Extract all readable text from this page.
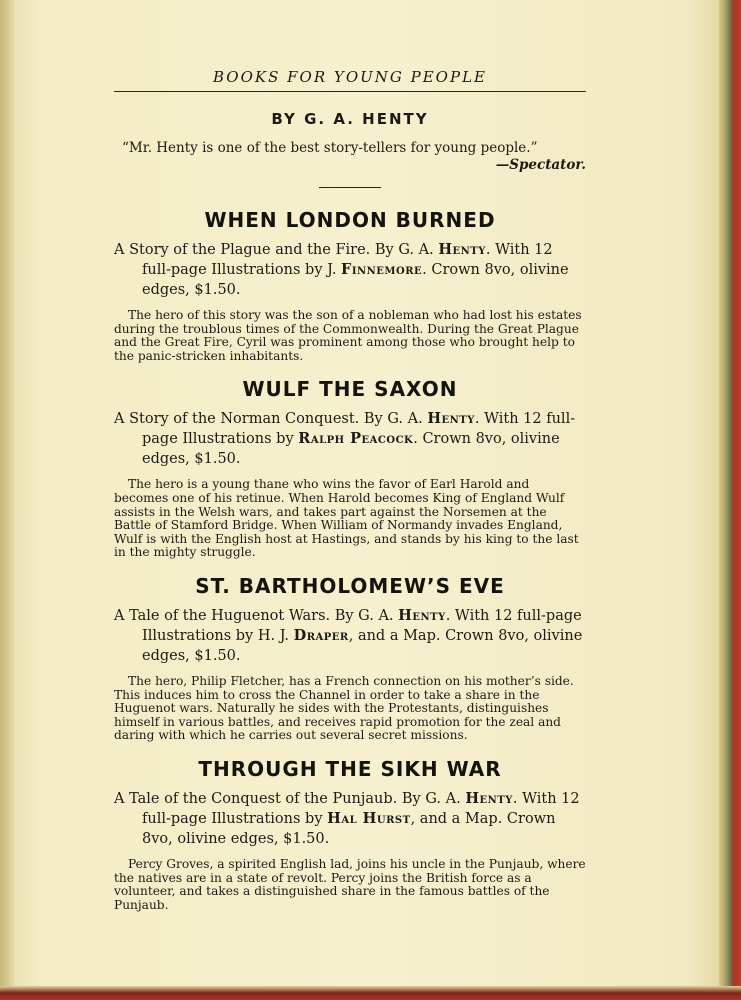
BOOKS FOR YOUNG PEOPLE
BY G. A. HENTY
“Mr. Henty is one of the best story-tellers for young people.”
—Spectator.
WHEN LONDON BURNED

A Story of the Plague and the Fire. By G. A. Henty. With 12 full-page Illustrations by J. Finnemore. Crown 8vo, olivine edges, $1.50.

The hero of this story was the son of a nobleman who had lost his estates during the troublous times of the Commonwealth. During the Great Plague and the Great Fire, Cyril was prominent among those who brought help to the panic-stricken inhabitants.

WULF THE SAXON

A Story of the Norman Conquest. By G. A. Henty. With 12 full-page Illustrations by Ralph Peacock. Crown 8vo, olivine edges, $1.50.

The hero is a young thane who wins the favor of Earl Harold and becomes one of his retinue. When Harold becomes King of England Wulf assists in the Welsh wars, and takes part against the Norsemen at the Battle of Stamford Bridge. When William of Normandy invades England, Wulf is with the English host at Hastings, and stands by his king to the last in the mighty struggle.

ST. BARTHOLOMEW’S EVE

A Tale of the Huguenot Wars. By G. A. Henty. With 12 full-page Illustrations by H. J. Draper, and a Map. Crown 8vo, olivine edges, $1.50.

The hero, Philip Fletcher, has a French connection on his mother’s side. This induces him to cross the Channel in order to take a share in the Huguenot wars. Naturally he sides with the Protestants, distinguishes himself in various battles, and receives rapid promotion for the zeal and daring with which he carries out several secret missions.

THROUGH THE SIKH WAR

A Tale of the Conquest of the Punjaub. By G. A. Henty. With 12 full-page Illustrations by Hal Hurst, and a Map. Crown 8vo, olivine edges, $1.50.

Percy Groves, a spirited English lad, joins his uncle in the Punjaub, where the natives are in a state of revolt. Percy joins the British force as a volunteer, and takes a distinguished share in the famous battles of the Punjaub.
